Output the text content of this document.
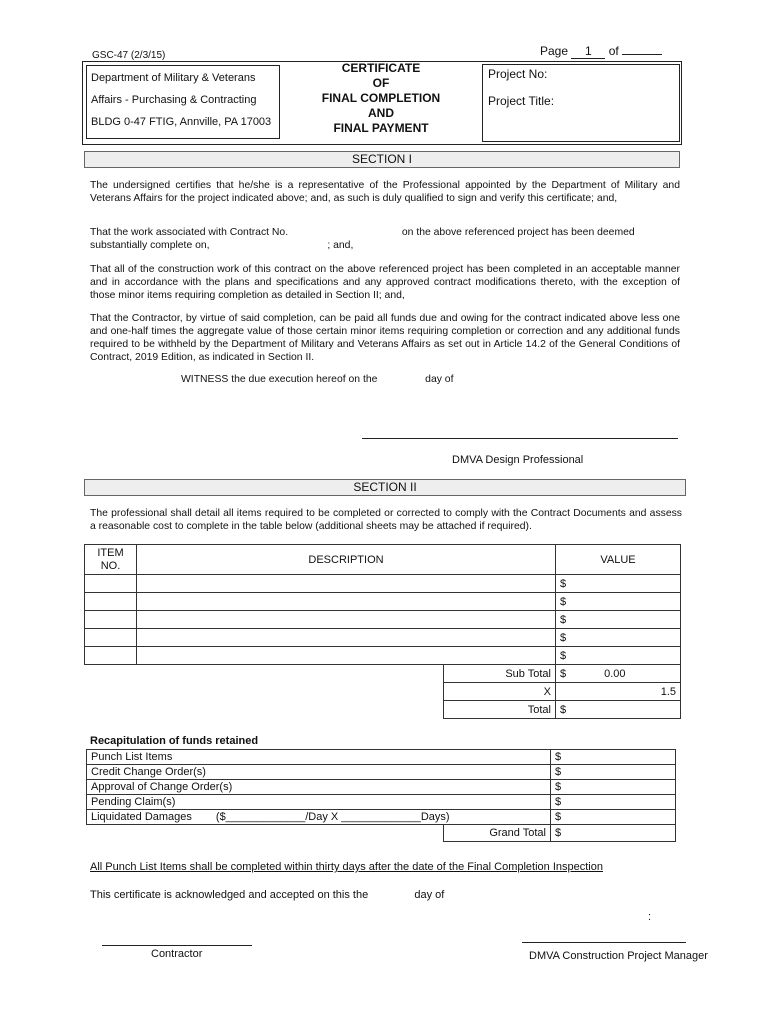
GSC-47 (2/3/15)	Page 1 of
Department of Military & Veterans
Affairs - Purchasing & Contracting
BLDG 0-47 FTIG, Annville, PA 17003
CERTIFICATE
OF
FINAL COMPLETION
AND
FINAL PAYMENT
Project No:
Project Title:
SECTION I
The undersigned certifies that he/she is a representative of the Professional appointed by the Department of Military and Veterans Affairs for the project indicated above; and, as such is duly qualified to sign and verify this certificate; and,
That the work associated with Contract No.	on the above referenced project has been deemed
substantially complete on,	; and,
That all of the construction work of this contract on the above referenced project has been completed in an acceptable manner and in accordance with the plans and specifications and any approved contract modifications thereto, with the exception of those minor items requiring completion as detailed in Section II; and,
That the Contractor, by virtue of said completion, can be paid all funds due and owing for the contract indicated above less one and one-half times the aggregate value of those certain minor items requiring completion or correction and any additional funds required to be withheld by the Department of Military and Veterans Affairs as set out in Article 14.2 of the General Conditions of Contract, 2019 Edition, as indicated in Section II.
WITNESS the due execution hereof on the	day of
DMVA Design Professional
SECTION II
The professional shall detail all items required to be completed or corrected to comply with the Contract Documents and assess a reasonable cost to complete in the table below (additional sheets may be attached if required).
ITEM NO.	DESCRIPTION		VALUE
			$
			$
			$
			$
			$
		Sub Total	$ 0.00
		X	1.5
		Total	$
Recapitulation of funds retained
Punch List Items		$
Credit Change Order(s)		$
Approval of Change Order(s)		$
Pending Claim(s)		$
Liquidated Damages ($_____________/Day X _____________Days)		$
	Grand Total	$
All Punch List Items shall be completed within thirty days after the date of the Final Completion Inspection
This certificate is acknowledged and accepted on this the	day of
:
Contractor	DMVA Construction Project Manager
